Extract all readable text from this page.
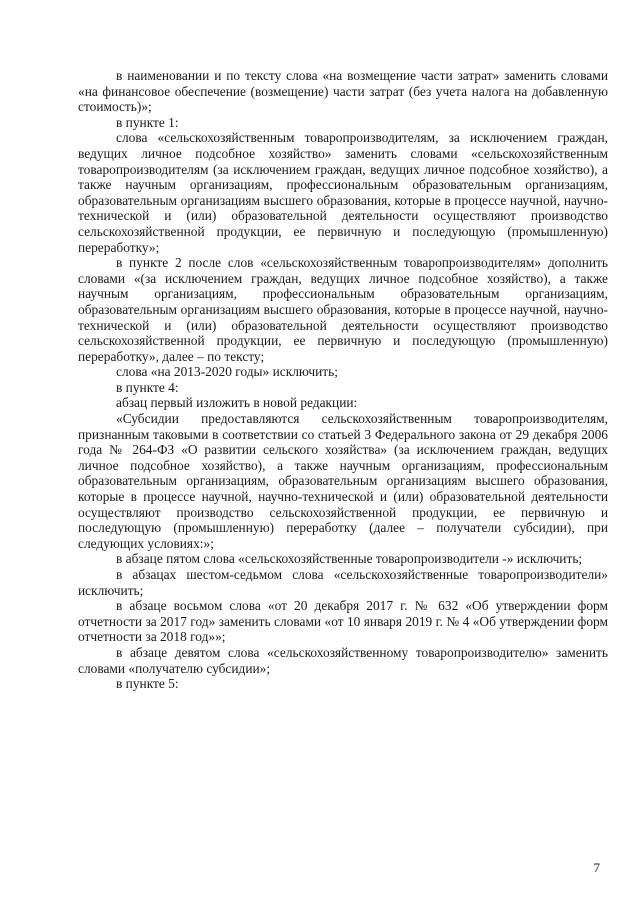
в наименовании и по тексту слова «на возмещение части затрат» заменить словами «на финансовое обеспечение (возмещение) части затрат (без учета налога на добавленную стоимость)»;

в пункте 1:

слова «сельскохозяйственным товаропроизводителям, за исключением граждан, ведущих личное подсобное хозяйство» заменить словами «сельскохозяйственным товаропроизводителям (за исключением граждан, ведущих личное подсобное хозяйство), а также научным организациям, профессиональным образовательным организациям, образовательным организациям высшего образования, которые в процессе научной, научно-технической и (или) образовательной деятельности осуществляют производство сельскохозяйственной продукции, ее первичную и последующую (промышленную) переработку»;

в пункте 2 после слов «сельскохозяйственным товаропроизводителям» дополнить словами «(за исключением граждан, ведущих личное подсобное хозяйство), а также научным организациям, профессиональным образовательным организациям, образовательным организациям высшего образования, которые в процессе научной, научно-технической и (или) образовательной деятельности осуществляют производство сельскохозяйственной продукции, ее первичную и последующую (промышленную) переработку», далее – по тексту;

слова «на 2013-2020 годы» исключить;

в пункте 4:

абзац первый изложить в новой редакции:

«Субсидии предоставляются сельскохозяйственным товаропроизводителям, признанным таковыми в соответствии со статьей 3 Федерального закона от 29 декабря 2006 года № 264-ФЗ «О развитии сельского хозяйства» (за исключением граждан, ведущих личное подсобное хозяйство), а также научным организациям, профессиональным образовательным организациям, образовательным организациям высшего образования, которые в процессе научной, научно-технической и (или) образовательной деятельности осуществляют производство сельскохозяйственной продукции, ее первичную и последующую (промышленную) переработку (далее – получатели субсидии), при следующих условиях:»;

в абзаце пятом слова «сельскохозяйственные товаропроизводители -» исключить;

в абзацах шестом-седьмом слова «сельскохозяйственные товаропроизводители» исключить;

в абзаце восьмом слова «от 20 декабря 2017 г. № 632 «Об утверждении форм отчетности за 2017 год» заменить словами «от 10 января 2019 г. № 4 «Об утверждении форм отчетности за 2018 год»»;

в абзаце девятом слова «сельскохозяйственному товаропроизводителю» заменить словами «получателю субсидии»;

в пункте 5:

7
